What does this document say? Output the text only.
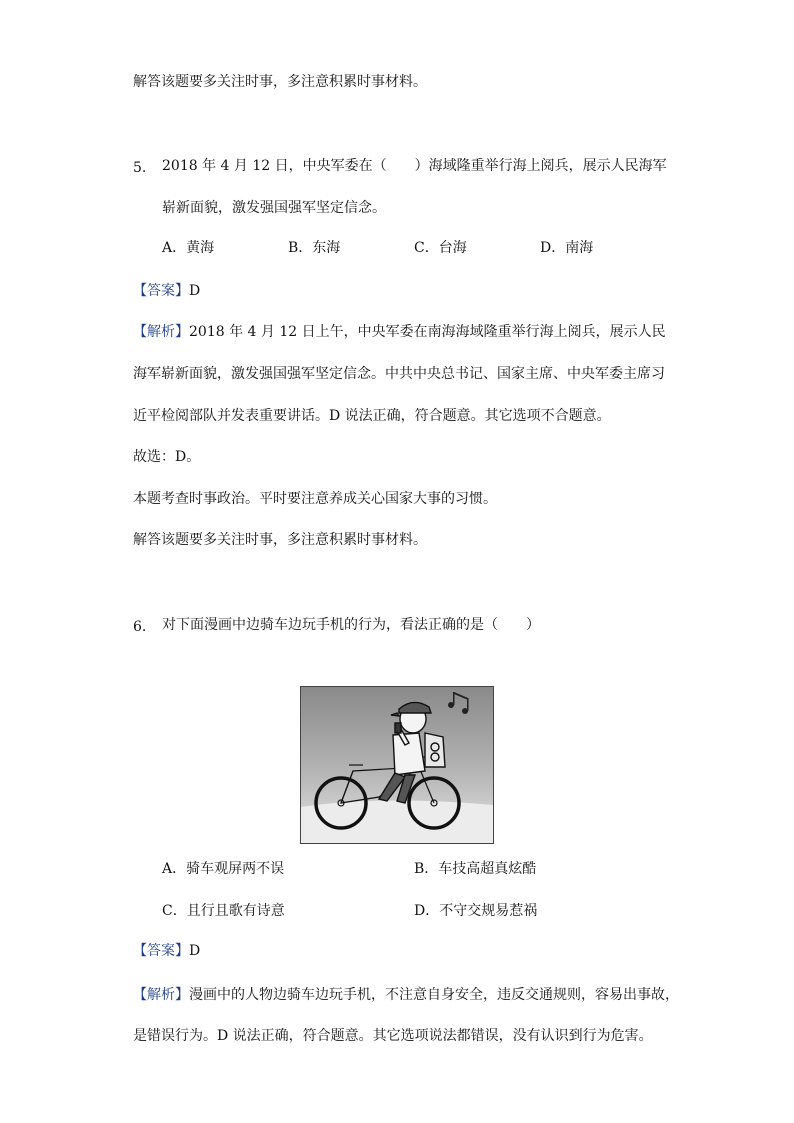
解答该题要多关注时事，多注意积累时事材料。
5. 2018 年 4 月 12 日，中央军委在（　　）海域隆重举行海上阅兵，展示人民海军
崭新面貌，激发强国强军坚定信念。
A．黄海	B．东海	C．台海	D．南海
【答案】D
【解析】2018 年 4 月 12 日上午，中央军委在南海海域隆重举行海上阅兵，展示人民
海军崭新面貌，激发强国强军坚定信念。中共中央总书记、国家主席、中央军委主席习
近平检阅部队并发表重要讲话。D 说法正确，符合题意。其它选项不合题意。
故选：D。
本题考查时事政治。平时要注意养成关心国家大事的习惯。
解答该题要多关注时事，多注意积累时事材料。
6. 对下面漫画中边骑车边玩手机的行为，看法正确的是（　　）
A．骑车观屏两不误	B．车技高超真炫酷
C．且行且歌有诗意	D．不守交规易惹祸
【答案】D
【解析】漫画中的人物边骑车边玩手机，不注意自身安全，违反交通规则，容易出事故，
是错误行为。D 说法正确，符合题意。其它选项说法都错误，没有认识到行为危害。
